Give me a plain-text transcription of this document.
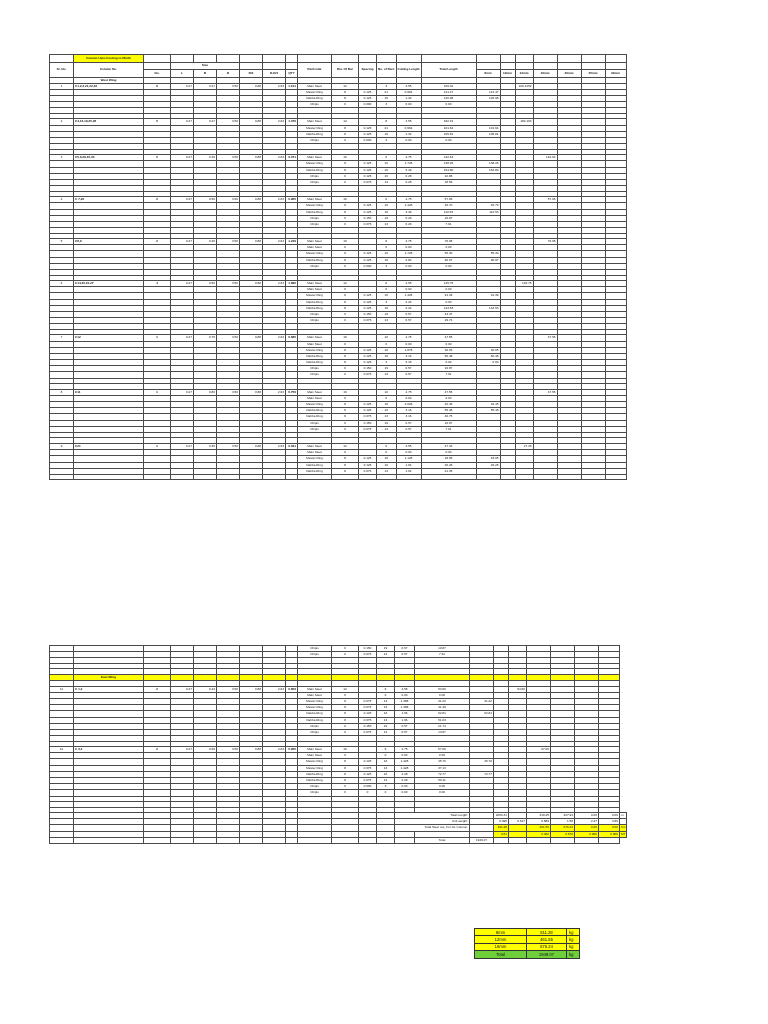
	Column Upto Footing to Plinth																				
Sr. No.	Column No.		Size						Particular	Dia. Of Bar	Spacing	No. of Bars	Cutting Length	Total Length							
		No.	L	B	D	D/4	D-D/4	QTY							8mm	10mm	12mm	16mm	20mm	25mm	32mm
	West Wing																				
1	C1,2,3,21,22,33	6	0.27	0.27	3.50	0.88	2.63	1.101	Main Steel	12		3	4.55	109.32			109.3152				
									Master Ring	8	0.125	21	0.964	121.47	121.47						
									Dabba Ring	8	0.125	16	1.32	126.98	126.98						
									Chipis	0	0.000	3	0.00	0.00							

2	C4,13,19,25,28	5	0.27	0.27	3.50	0.88	2.63	1.376	Main Steel	12		8	4.55	182.19			182.193				
									Master Ring	8	0.125	21	0.964	101.64	101.64						
									Dabba Ring	8	0.125	16	1.32	105.81	105.81						
									Chipis	0	0.000	3	0.00	0.00							

3	C5,6,29,15,30	5	0.27	0.45	3.50	0.88	2.63	3.071	Main Steel	16		6	4.75	142.64				142.64			
									Master Ring	8	0.125	16	1.728	138.26	138.26						
									Dabba Ring	8	0.125	16	3.49	154.80	154.80						
									Chipis	0	0.125	16	0.28	22.88							
									Chipis	0	0.075	13	0.28	18.59							

4	C 7,26	2	0.27	0.50	3.50	0.88	2.63	0.905	Main Steel	16		6	4.75	57.06				57.06			
									Master Ring	8	0.125	16	1.428	45.70	45.70						
									Dabba Ring	8	0.125	16	3.49	110.53	110.53						
									Chipis	0	0.150	19	0.29	10.87							
									Chipis	0	0.075	13	0.29	7.61							

5	C8,9	2	0.27	0.45	3.50	0.88	2.63	1.229	Main Steel	16		8	4.75	76.08				76.08			
									Main Steel	0		0	0.00	0.00							
									Master Ring	8	0.125	16	1.728	55.30	55.30						
									Dabba Ring	8	0.125	16	2.84	90.97	90.97						
									Chipis	0	0.000	3	0.00	0.00							

6	C14,20,10,27	4	0.27	0.50	3.50	0.88	2.63	1.890	Main Steel	12		8	4.55	145.75			145.75				
									Main Steel	0		0	0.00	0.00							
									Master Ring	8	0.125	16	1.428	91.39	91.39						
									Dabba Ring	8	0.125	3	2.24	0.00							
									Dabba Ring	8	0.125	16	2.24	143.53	143.53						
									Chipis	0	0.150	19	0.57	43.47							
									Chipis	0	0.075	13	0.57	29.74							

7	C12	1	0.27	0.75	3.50	0.88	2.63	0.685	Main Steel	16		10	4.75	47.55				47.55			
									Main Steel	0		0	0.00	0.00							
									Master Ring	8	0.125	16	1.878	30.05	30.05						
									Dabba Ring	8	0.125	16	3.16	50.48	50.48						
									Dabba Ring	8	0.125	3	3.16	0.00	0.00						
									Chipis	0	0.150	19	0.57	10.87							
									Chipis	0	0.075	13	0.57	7.61							

8	C11	1	0.27	0.80	3.50	0.88	2.63	0.756	Main Steel	16		10	4.75	47.55				47.55			
									Main Steel	0		0	0.00	0.00							
									Master Ring	8	0.125	16	2.028	32.45	32.45						
									Dabba Ring	8	0.125	16	3.16	55.48	55.48						
									Dabba Ring	8	0.075	13	3.16	40.75							
									Chipis	0	0.150	19	0.57	10.87							
									Chipis	0	0.075	13	0.57	7.61							

9	C21	1	0.27	0.35	3.50	0.88	2.63	0.331	Main Steel	12		6	4.55	27.33			27.33				
									Main Steel	0		0	0.00	0.00							
									Master Ring	8	0.125	16	1.128	18.05	18.05						
									Dabba Ring	8	0.125	16	1.64	26.28	26.28						
									Dabba Ring	8	0.075	13	1.64	21.35							

									Chipis	0	0.150	19	0.57	10.87								
									Chipis	0	0.075	13	0.57	7.61								

	East Wing																					

11	C 1,2	2	0.27	0.43	3.50	0.88	2.63	0.853	Main Steel	12		6	4.55	54.66			54.66					
									Main Steel	0		0	0.00	0.00								
									Master Ring	8	0.075	13	1.388	41.22	41.22							
									Master Ring	8	0.075	13	1.388	41.49								
									Dabba Ring	8	0.125	16	1.96	62.81	62.81							
									Dabba Ring	8	0.075	13	1.96	51.03								
									Chipis	0	0.150	19	0.57	21.74								
									Chipis	0	0.075	13	0.57	14.87								

12	C 3,4	2	0.27	0.50	3.50	0.88	2.63	0.905	Main Steel	16		6	4.75	57.06				57.06				
									Main Steel	0		0	0.00	0.00								
									Master Ring	8	0.125	16	1.428	45.70	45.70							
									Master Ring	8	0.075	13	1.428	37.13								
									Dabba Ring	8	0.125	16	2.28	72.77	72.77							
									Dabba Ring	8	0.075	13	2.28	59.11								
									Chipis	0	0.000	3	0.00	0.00								
									Chipis	0	0	0	0.00	0.00								

													Total Length:			2050.31		319.25	427.93	0.00	0.00	m
													Unit weight:			0.395	0.617	0.889	1.58	2.47	3.86	
													Total Steel req. For GL Column:			811.28		461.55	676.24	0.00	0.00	KG
																0.81		0.462	0.676	0.000	0.000	MT
														Total	1949.07							
8mm	811.28	kg
12mm	461.55	kg
16mm	676.24	kg
Total	1949.07	kg
